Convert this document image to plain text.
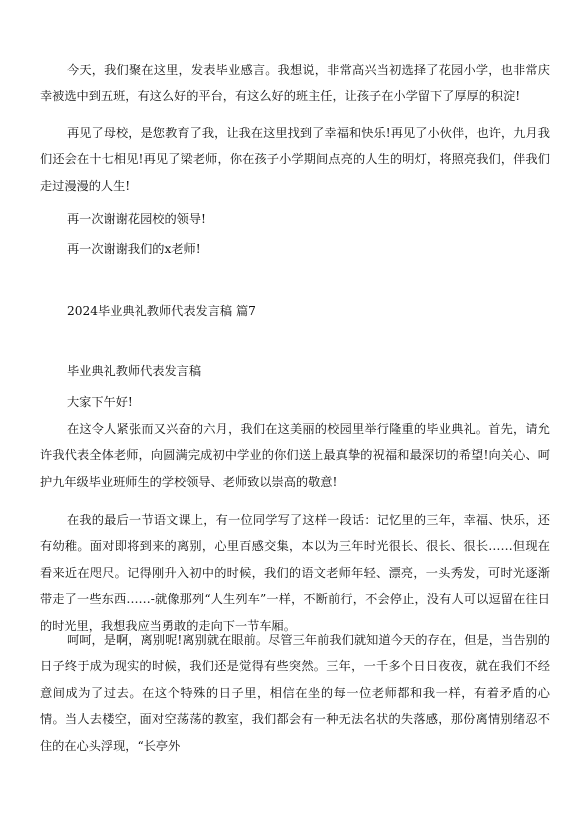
今天，我们聚在这里，发表毕业感言。我想说，非常高兴当初选择了花园小学，也非常庆幸被选中到五班，有这么好的平台，有这么好的班主任，让孩子在小学留下了厚厚的积淀!

再见了母校，是您教育了我，让我在这里找到了幸福和快乐!再见了小伙伴，也许，九月我们还会在十七相见!再见了梁老师，你在孩子小学期间点亮的人生的明灯，将照亮我们，伴我们走过漫漫的人生!

再一次谢谢花园校的领导!

再一次谢谢我们的x老师!

2024毕业典礼教师代表发言稿 篇7

毕业典礼教师代表发言稿

大家下午好!

在这令人紧张而又兴奋的六月，我们在这美丽的校园里举行隆重的毕业典礼。首先，请允许我代表全体老师，向圆满完成初中学业的你们送上最真挚的祝福和最深切的希望!向关心、呵护九年级毕业班师生的学校领导、老师致以崇高的敬意!

在我的最后一节语文课上，有一位同学写了这样一段话：记忆里的三年，幸福、快乐，还有幼稚。面对即将到来的离别，心里百感交集，本以为三年时光很长、很长、很长……但现在看来近在咫尺。记得刚升入初中的时候，我们的语文老师年轻、漂亮，一头秀发，可时光逐渐带走了一些东西……-就像那列“人生列车”一样，不断前行，不会停止，没有人可以逗留在往日的时光里，我想我应当勇敢的走向下一节车厢。

呵呵，是啊，离别呢!离别就在眼前。尽管三年前我们就知道今天的存在，但是，当告别的日子终于成为现实的时候，我们还是觉得有些突然。三年，一千多个日日夜夜，就在我们不经意间成为了过去。在这个特殊的日子里，相信在坐的每一位老师都和我一样，有着矛盾的心情。当人去楼空，面对空荡荡的教室，我们都会有一种无法名状的失落感，那份离情别绪忍不住的在心头浮现，“长亭外
